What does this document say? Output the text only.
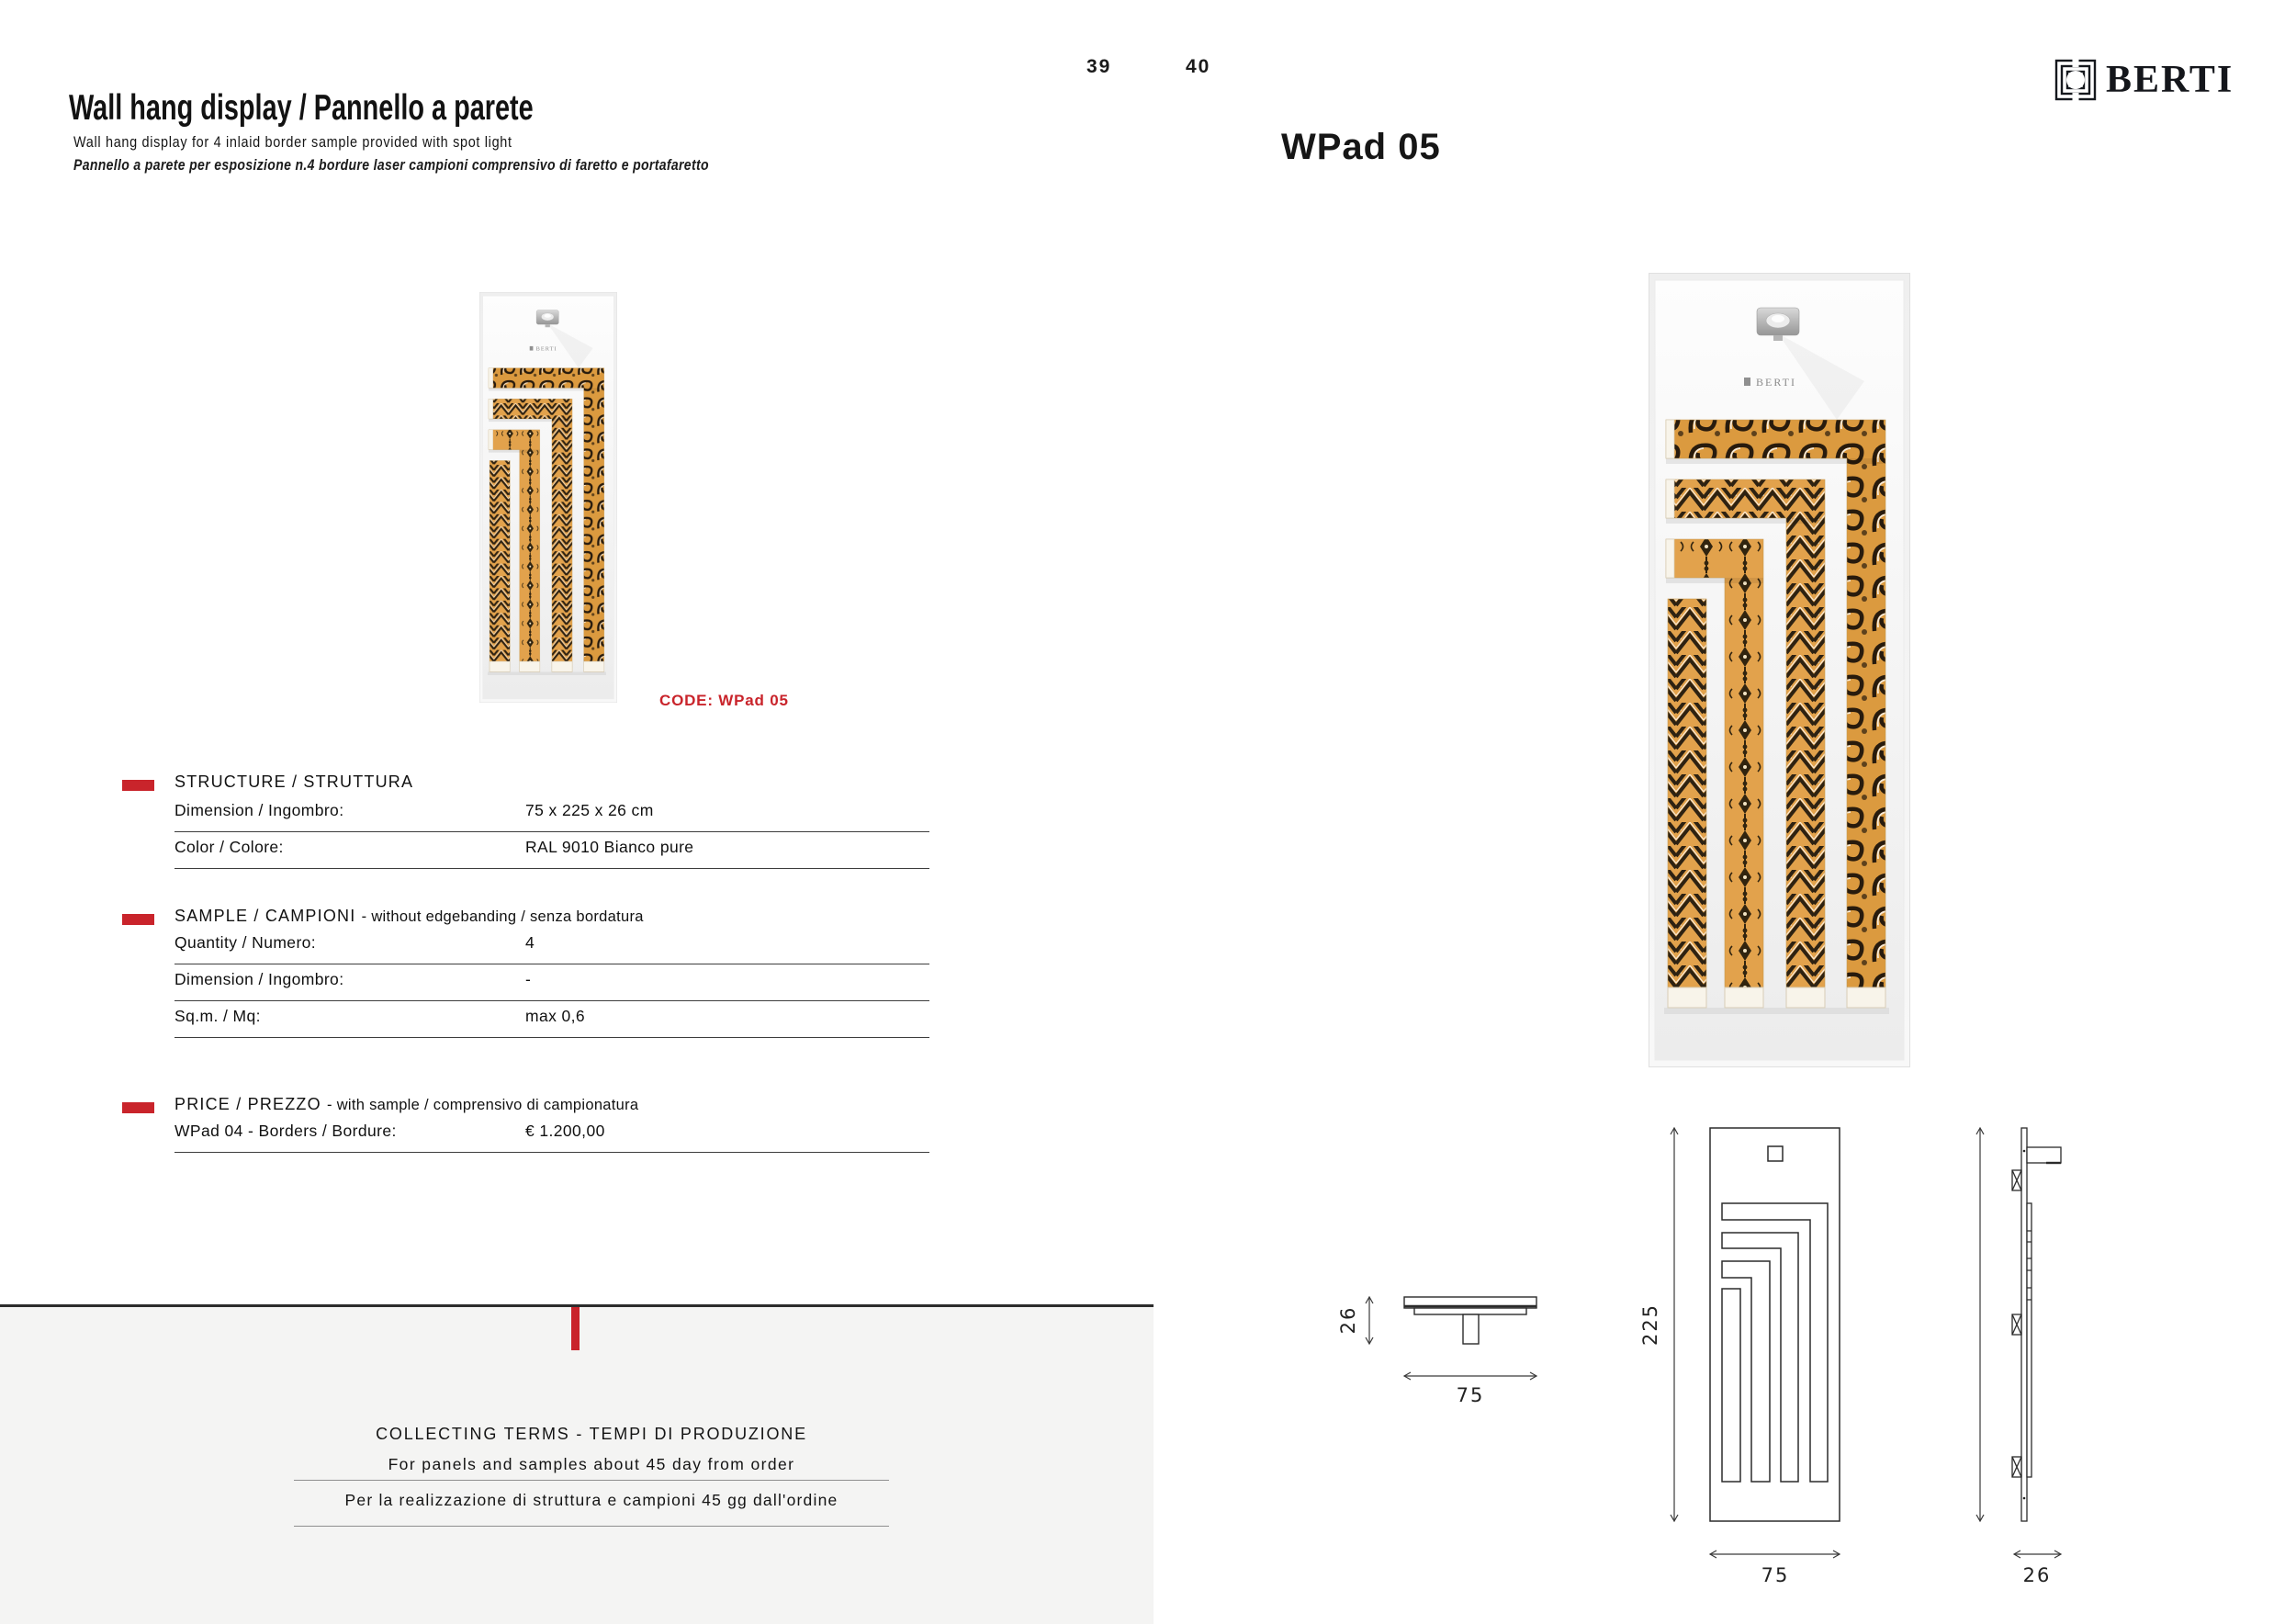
Wall hang display / Pannello a parete
Wall hang display for 4 inlaid border sample provided with spot light
Pannello a parete per esposizione n.4 bordure laser campioni comprensivo di faretto e portafaretto
39	40
CODE: WPad 05
STRUCTURE / STRUTTURA
Dimension / Ingombro:	75 x 225 x 26 cm
Color / Colore:	RAL 9010 Bianco pure
SAMPLE / CAMPIONI - without edgebanding / senza bordatura
Quantity / Numero:	4
Dimension / Ingombro:	-
Sq.m. / Mq:	max 0,6
PRICE / PREZZO - with sample / comprensivo di campionatura
WPad 04 - Borders / Bordure:	€ 1.200,00
COLLECTING TERMS - TEMPI DI PRODUZIONE
For panels and samples about 45 day from order
Per la realizzazione di struttura e campioni 45 gg dall'ordine
BERTI
WPad 05
26
75
225
75	26
